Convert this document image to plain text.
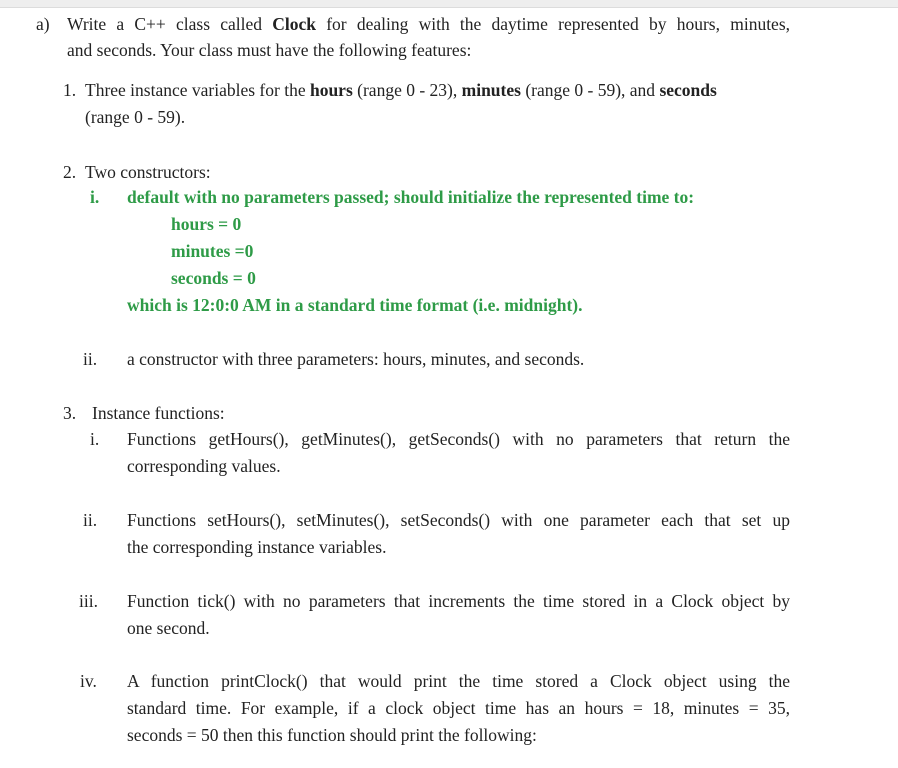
a) Write a C++ class called Clock for dealing with the daytime represented by hours, minutes,
and seconds. Your class must have the following features:
1. Three instance variables for the hours (range 0 - 23), minutes (range 0 - 59), and seconds
(range 0 - 59).
2. Two constructors:
i. default with no parameters passed; should initialize the represented time to:
hours = 0
minutes =0
seconds = 0
which is 12:0:0 AM in a standard time format (i.e. midnight).
ii. a constructor with three parameters: hours, minutes, and seconds.
3. Instance functions:
i. Functions getHours(), getMinutes(), getSeconds() with no parameters that return the
corresponding values.
ii. Functions setHours(), setMinutes(), setSeconds() with one parameter each that set up
the corresponding instance variables.
iii. Function tick() with no parameters that increments the time stored in a Clock object by
one second.
iv. A function printClock() that would print the time stored a Clock object using the
standard time. For example, if a clock object time has an hours = 18, minutes = 35,
seconds = 50 then this function should print the following:
